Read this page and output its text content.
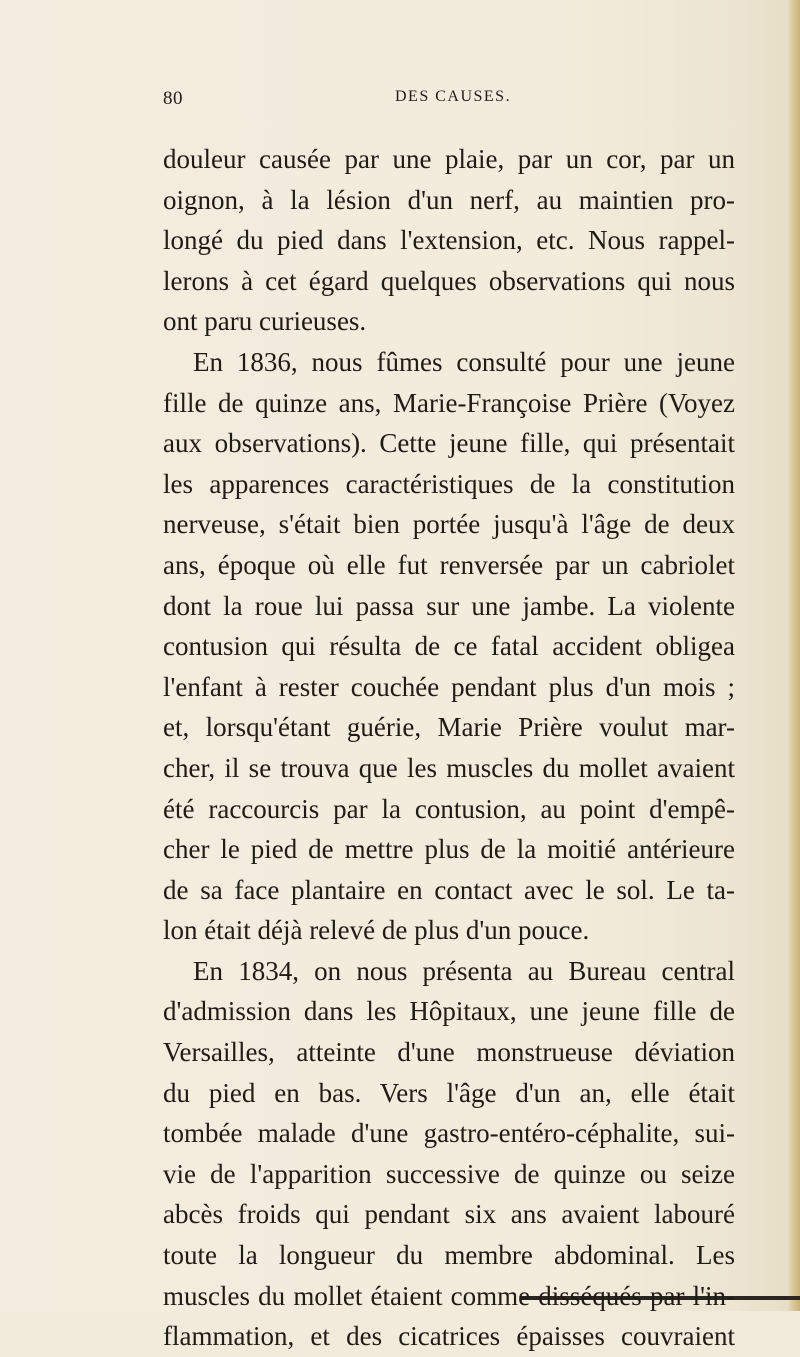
80	DES CAUSES.
douleur causée par une plaie, par un cor, par un
oignon, à la lésion d'un nerf, au maintien pro-
longé du pied dans l'extension, etc. Nous rappel-
lerons à cet égard quelques observations qui nous
ont paru curieuses.
En 1836, nous fûmes consulté pour une jeune
fille de quinze ans, Marie-Françoise Prière (Voyez
aux observations). Cette jeune fille, qui présentait
les apparences caractéristiques de la constitution
nerveuse, s'était bien portée jusqu'à l'âge de deux
ans, époque où elle fut renversée par un cabriolet
dont la roue lui passa sur une jambe. La violente
contusion qui résulta de ce fatal accident obligea
l'enfant à rester couchée pendant plus d'un mois ;
et, lorsqu'étant guérie, Marie Prière voulut mar-
cher, il se trouva que les muscles du mollet avaient
été raccourcis par la contusion, au point d'empê-
cher le pied de mettre plus de la moitié antérieure
de sa face plantaire en contact avec le sol. Le ta-
lon était déjà relevé de plus d'un pouce.
En 1834, on nous présenta au Bureau central
d'admission dans les Hôpitaux, une jeune fille de
Versailles, atteinte d'une monstrueuse déviation
du pied en bas. Vers l'âge d'un an, elle était
tombée malade d'une gastro-entéro-céphalite, sui-
vie de l'apparition successive de quinze ou seize
abcès froids qui pendant six ans avaient labouré
toute la longueur du membre abdominal. Les
muscles du mollet étaient comme disséqués par l'in-
flammation, et des cicatrices épaisses couvraient
